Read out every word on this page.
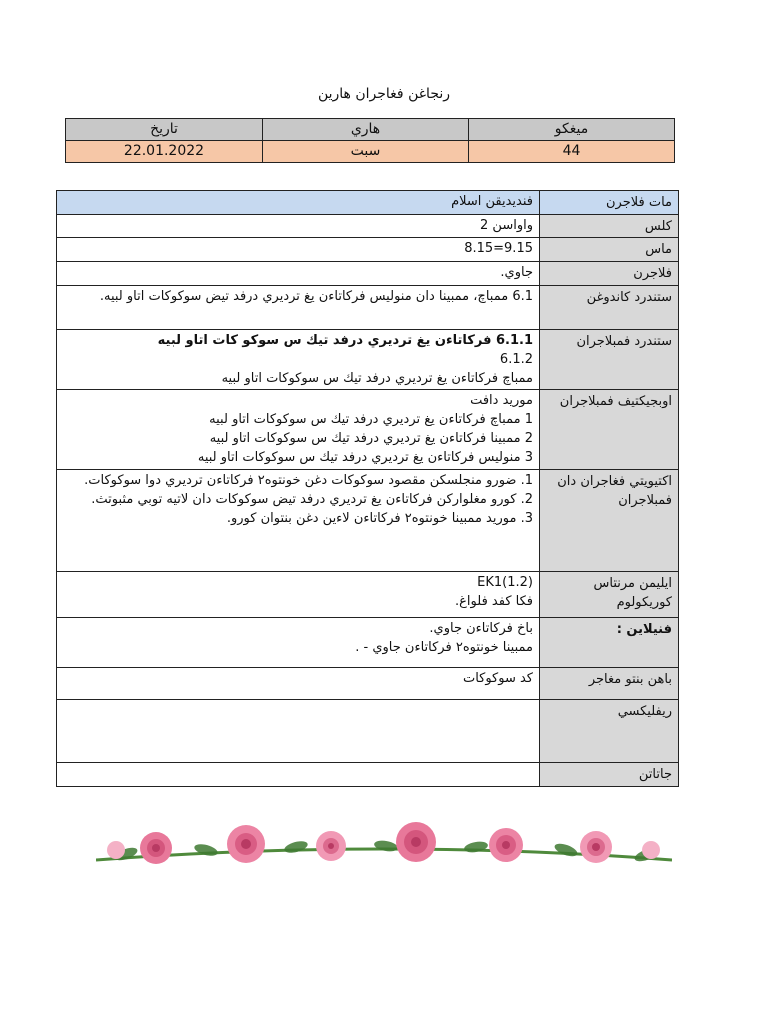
رنجاغن فغاجران هارين
ميغكو	هاري	تاريخ
44	سبت	22.01.2022
مات فلاجرن	فنديديقن اسلام

كلس	واواسن 2

ماس	8.15=9.15

فلاجرن	جاوي.

ستندرد كاندوغن	6.1 ممباچ، ممبينا دان منوليس فركاتاءن يغ ترديري درفد تيض سوكوكات اتاو لبيه.

ستندرد فمبلاجران	6.1.1 فركاتاءن يغ ترديري درفد تيك س سوكو كات اتاو لبيه
6.1.2
ممباچ فركاتاءن يغ ترديري درفد تيك س سوكوكات اتاو لبيه

اوبجيكتيف فمبلاجران	موريد دافت
1 ممباچ فركاتاءن يغ ترديري درفد تيك س سوكوكات اتاو لبيه
2 ممبينا فركاتاءن يغ ترديري درفد تيك س سوكوكات اتاو لبيه
3 منوليس فركاتاءن يغ ترديري درفد تيك س سوكوكات اتاو لبيه

اكتيويتي فغاجران دان فمبلاجران	1. ضورو منجلسكن مقصود سوكوكات دغن خونتوه٢ فركاتاءن ترديري دوا سوكوكات.
2. كورو مغلواركن فركاتاءن يغ ترديري درفد تيض سوكوكات دان لاتيه توبي مثبوتث.
3. موريد ممبينا خونتوه٢ فركاتاءن لاءين دغن بنتوان كورو.

ايليمن مرنتاس كوريكولوم	EK1(1.2)
فكا كفد فلواغ.

فنيلاين :	باخ فركاتاءن جاوي.
ممبينا خونتوه٢ فركاتاءن جاوي - .

باهن بنتو مغاجر	كد سوكوكات

ريفليكسي	
جاتاتن	
